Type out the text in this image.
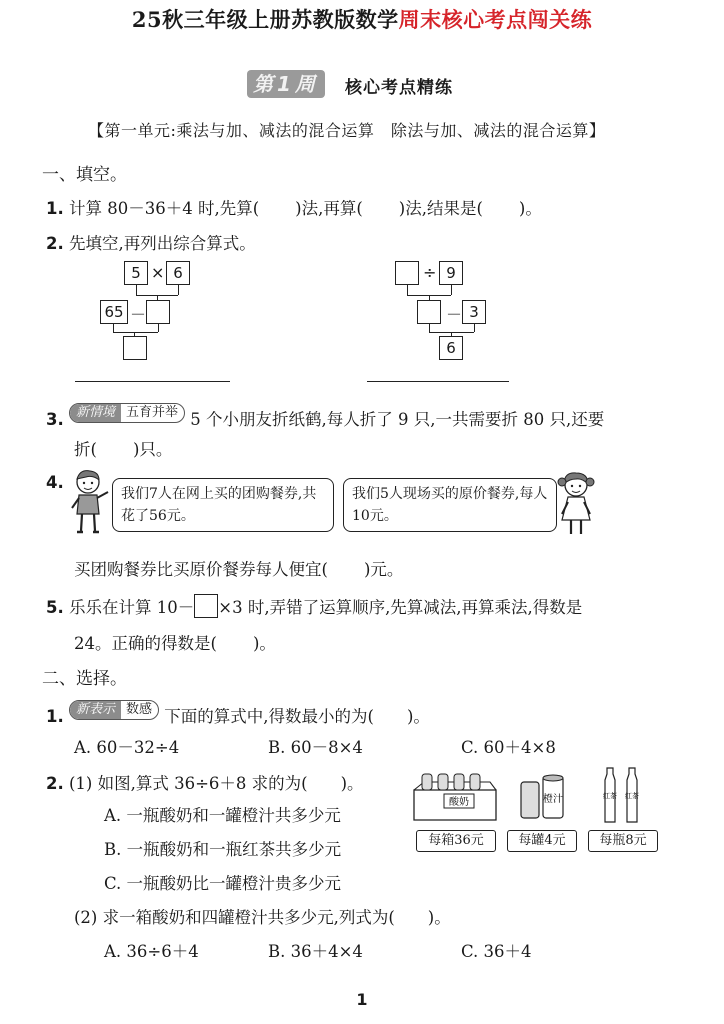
25秋三年级上册苏教版数学周末核心考点闯关练
第1周	核心考点精练
【第一单元:乘法与加、减法的混合运算　除法与加、减法的混合运算】
一、填空。
1. 计算 80－36＋4 时,先算( )法,再算( )法,结果是( )。
2. 先填空,再列出综合算式。
5 × 6
65 －
÷ 9
－ 3
6
3. 新情境 五育并举 5 个小朋友折纸鹤,每人折了 9 只,一共需要折 80 只,还要
折( )只。
4.
我们7人在网上买的团购餐券,共花了56元。
我们5人现场买的原价餐券,每人10元。
买团购餐券比买原价餐券每人便宜( )元。
5. 乐乐在计算 10－ ×3 时,弄错了运算顺序,先算减法,再算乘法,得数是
24。正确的得数是( )。
二、选择。
1. 新表示 数感 下面的算式中,得数最小的为(　　)。
A. 60－32÷4	B. 60－8×4	C. 60＋4×8
2. (1) 如图,算式 36÷6＋8 求的为(　　)。
A. 一瓶酸奶和一罐橙汁共多少元
B. 一瓶酸奶和一瓶红茶共多少元
C. 一瓶酸奶比一罐橙汁贵多少元
酸奶	橙汁	红茶 红茶
每箱36元	每罐4元	每瓶8元
(2) 求一箱酸奶和四罐橙汁共多少元,列式为(　　)。
A. 36÷6＋4	B. 36＋4×4	C. 36＋4
1
